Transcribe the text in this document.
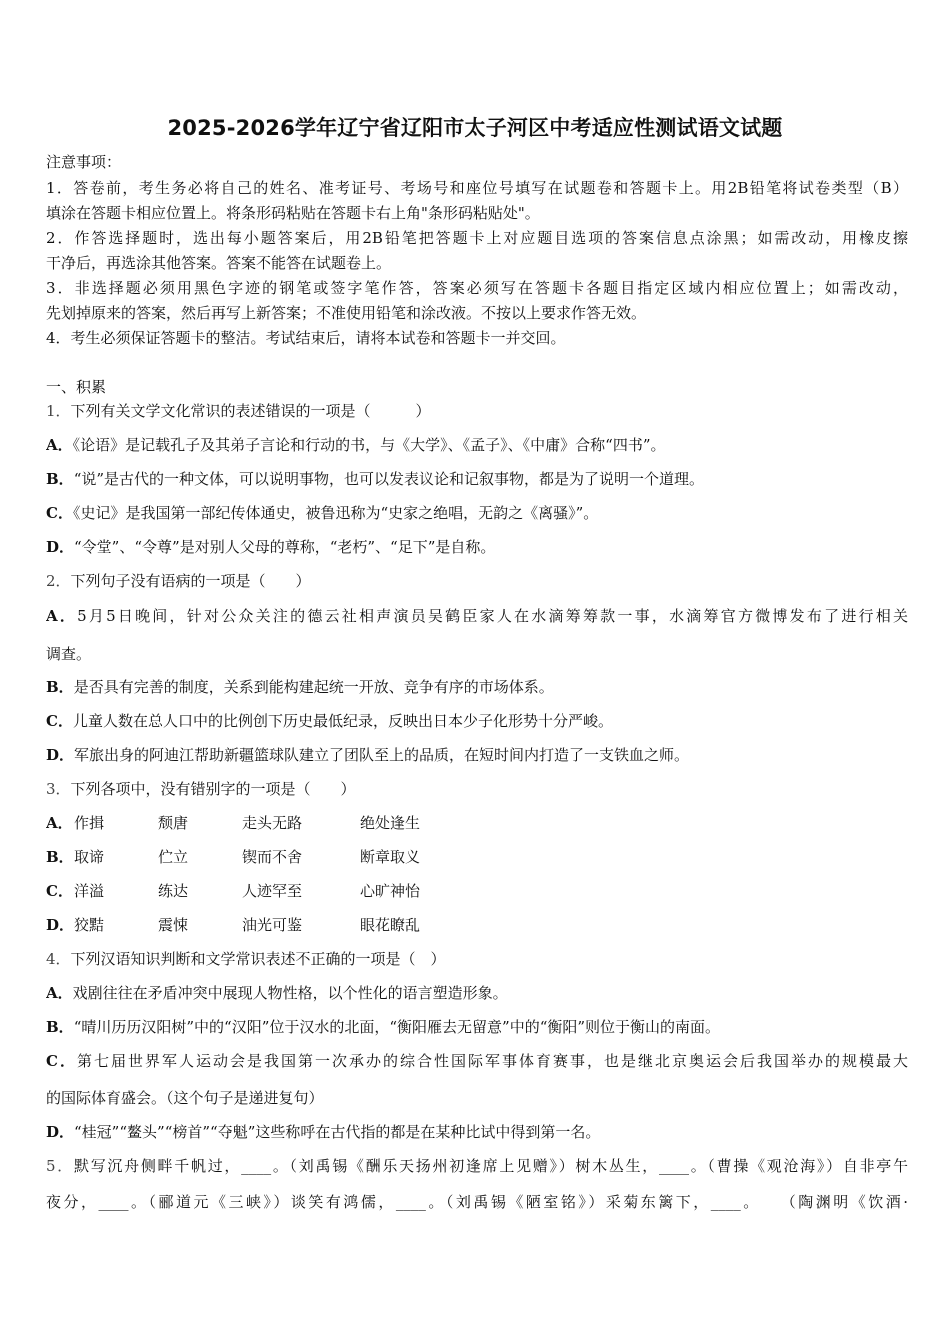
2025-2026学年辽宁省辽阳市太子河区中考适应性测试语文试题
注意事项：
1．答卷前，考生务必将自己的姓名、准考证号、考场号和座位号填写在试题卷和答题卡上。用2B铅笔将试卷类型（B）
填涂在答题卡相应位置上。将条形码粘贴在答题卡右上角"条形码粘贴处"。
2．作答选择题时，选出每小题答案后，用2B铅笔把答题卡上对应题目选项的答案信息点涂黑；如需改动，用橡皮擦
干净后，再选涂其他答案。答案不能答在试题卷上。
3．非选择题必须用黑色字迹的钢笔或签字笔作答，答案必须写在答题卡各题目指定区域内相应位置上；如需改动，
先划掉原来的答案，然后再写上新答案；不准使用铅笔和涂改液。不按以上要求作答无效。
4．考生必须保证答题卡的整洁。考试结束后，请将本试卷和答题卡一并交回。
一、积累
1．下列有关文学文化常识的表述错误的一项是（　　　）
A．《论语》是记载孔子及其弟子言论和行动的书，与《大学》、《孟子》、《中庸》合称“四书”。
B．“说”是古代的一种文体，可以说明事物，也可以发表议论和记叙事物，都是为了说明一个道理。
C．《史记》是我国第一部纪传体通史，被鲁迅称为“史家之绝唱，无韵之《离骚》”。
D．“令堂”、“令尊”是对别人父母的尊称，“老朽”、“足下”是自称。
2．下列句子没有语病的一项是（　　）
A．5月5日晚间，针对公众关注的德云社相声演员吴鹤臣家人在水滴筹筹款一事，水滴筹官方微博发布了进行相关
调查。
B．是否具有完善的制度，关系到能构建起统一开放、竞争有序的市场体系。
C．儿童人数在总人口中的比例创下历史最低纪录，反映出日本少子化形势十分严峻。
D．军旅出身的阿迪江帮助新疆篮球队建立了团队至上的品质，在短时间内打造了一支铁血之师。
3．下列各项中，没有错别字的一项是（　　）
A．作揖	颓唐	走头无路	绝处逢生
B．取谛	伫立	锲而不舍	断章取义
C．洋溢	练达	人迹罕至	心旷神怡
D．狡黠	震悚	油光可鉴	眼花瞭乱
4．下列汉语知识判断和文学常识表述不正确的一项是（　）
A．戏剧往往在矛盾冲突中展现人物性格，以个性化的语言塑造形象。
B．“晴川历历汉阳树”中的“汉阳”位于汉水的北面，“衡阳雁去无留意”中的“衡阳”则位于衡山的南面。
C．第七届世界军人运动会是我国第一次承办的综合性国际军事体育赛事，也是继北京奥运会后我国举办的规模最大
的国际体育盛会。（这个句子是递进复句）
D．“桂冠”“鳌头”“榜首”“夺魁”这些称呼在古代指的都是在某种比试中得到第一名。
5．默写沉舟侧畔千帆过，____。（刘禹锡《酬乐天扬州初逢席上见赠》）树木丛生，____。（曹操《观沧海》）自非亭午
夜分，____。（郦道元《三峡》）谈笑有鸿儒，____。（刘禹锡《陋室铭》）采菊东篱下，____。　　（陶渊明《饮酒·
